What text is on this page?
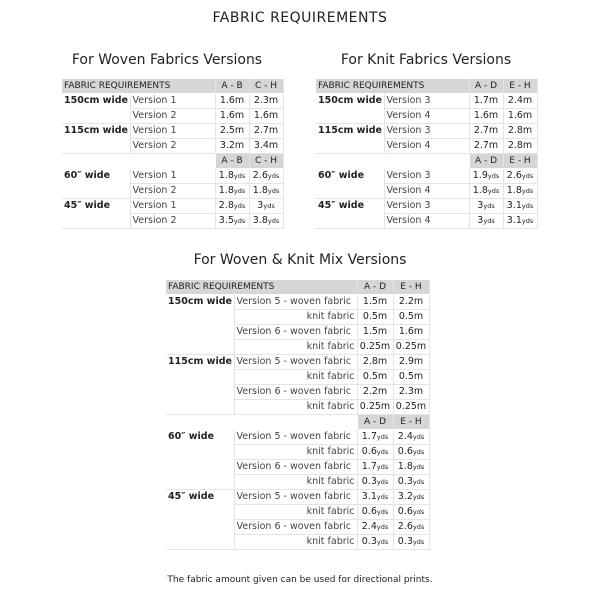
FABRIC REQUIREMENTS
For Woven Fabrics Versions	For Knit Fabrics Versions
For Woven & Knit Mix Versions
FABRIC REQUIREMENTS		A - B	C - H
150cm wide	Version 1	1.6m	2.3m
	Version 2	1.6m	1.6m
115cm wide	Version 1	2.5m	2.7m
	Version 2	3.2m	3.4m
		A - B	C - H
60″ wide	Version 1	1.8yds	2.6yds
	Version 2	1.8yds	1.8yds
45″ wide	Version 1	2.8yds	3yds
	Version 2	3.5yds	3.8yds
FABRIC REQUIREMENTS		A - D	E - H
150cm wide	Version 3	1.7m	2.4m
	Version 4	1.6m	1.6m
115cm wide	Version 3	2.7m	2.8m
	Version 4	2.7m	2.8m
		A - D	E - H
60″ wide	Version 3	1.9yds	2.6yds
	Version 4	1.8yds	1.8yds
45″ wide	Version 3	3yds	3.1yds
	Version 4	3yds	3.1yds
FABRIC REQUIREMENTS		A - D	E - H
150cm wide	Version 5 - woven fabric	1.5m	2.2m
	knit fabric	0.5m	0.5m
	Version 6 - woven fabric	1.5m	1.6m
	knit fabric	0.25m	0.25m
115cm wide	Version 5 - woven fabric	2.8m	2.9m
	knit fabric	0.5m	0.5m
	Version 6 - woven fabric	2.2m	2.3m
	knit fabric	0.25m	0.25m
		A - D	E - H
60″ wide	Version 5 - woven fabric	1.7yds	2.4yds
	knit fabric	0.6yds	0.6yds
	Version 6 - woven fabric	1.7yds	1.8yds
	knit fabric	0.3yds	0.3yds
45″ wide	Version 5 - woven fabric	3.1yds	3.2yds
	knit fabric	0.6yds	0.6yds
	Version 6 - woven fabric	2.4yds	2.6yds
	knit fabric	0.3yds	0.3yds
The fabric amount given can be used for directional prints.
